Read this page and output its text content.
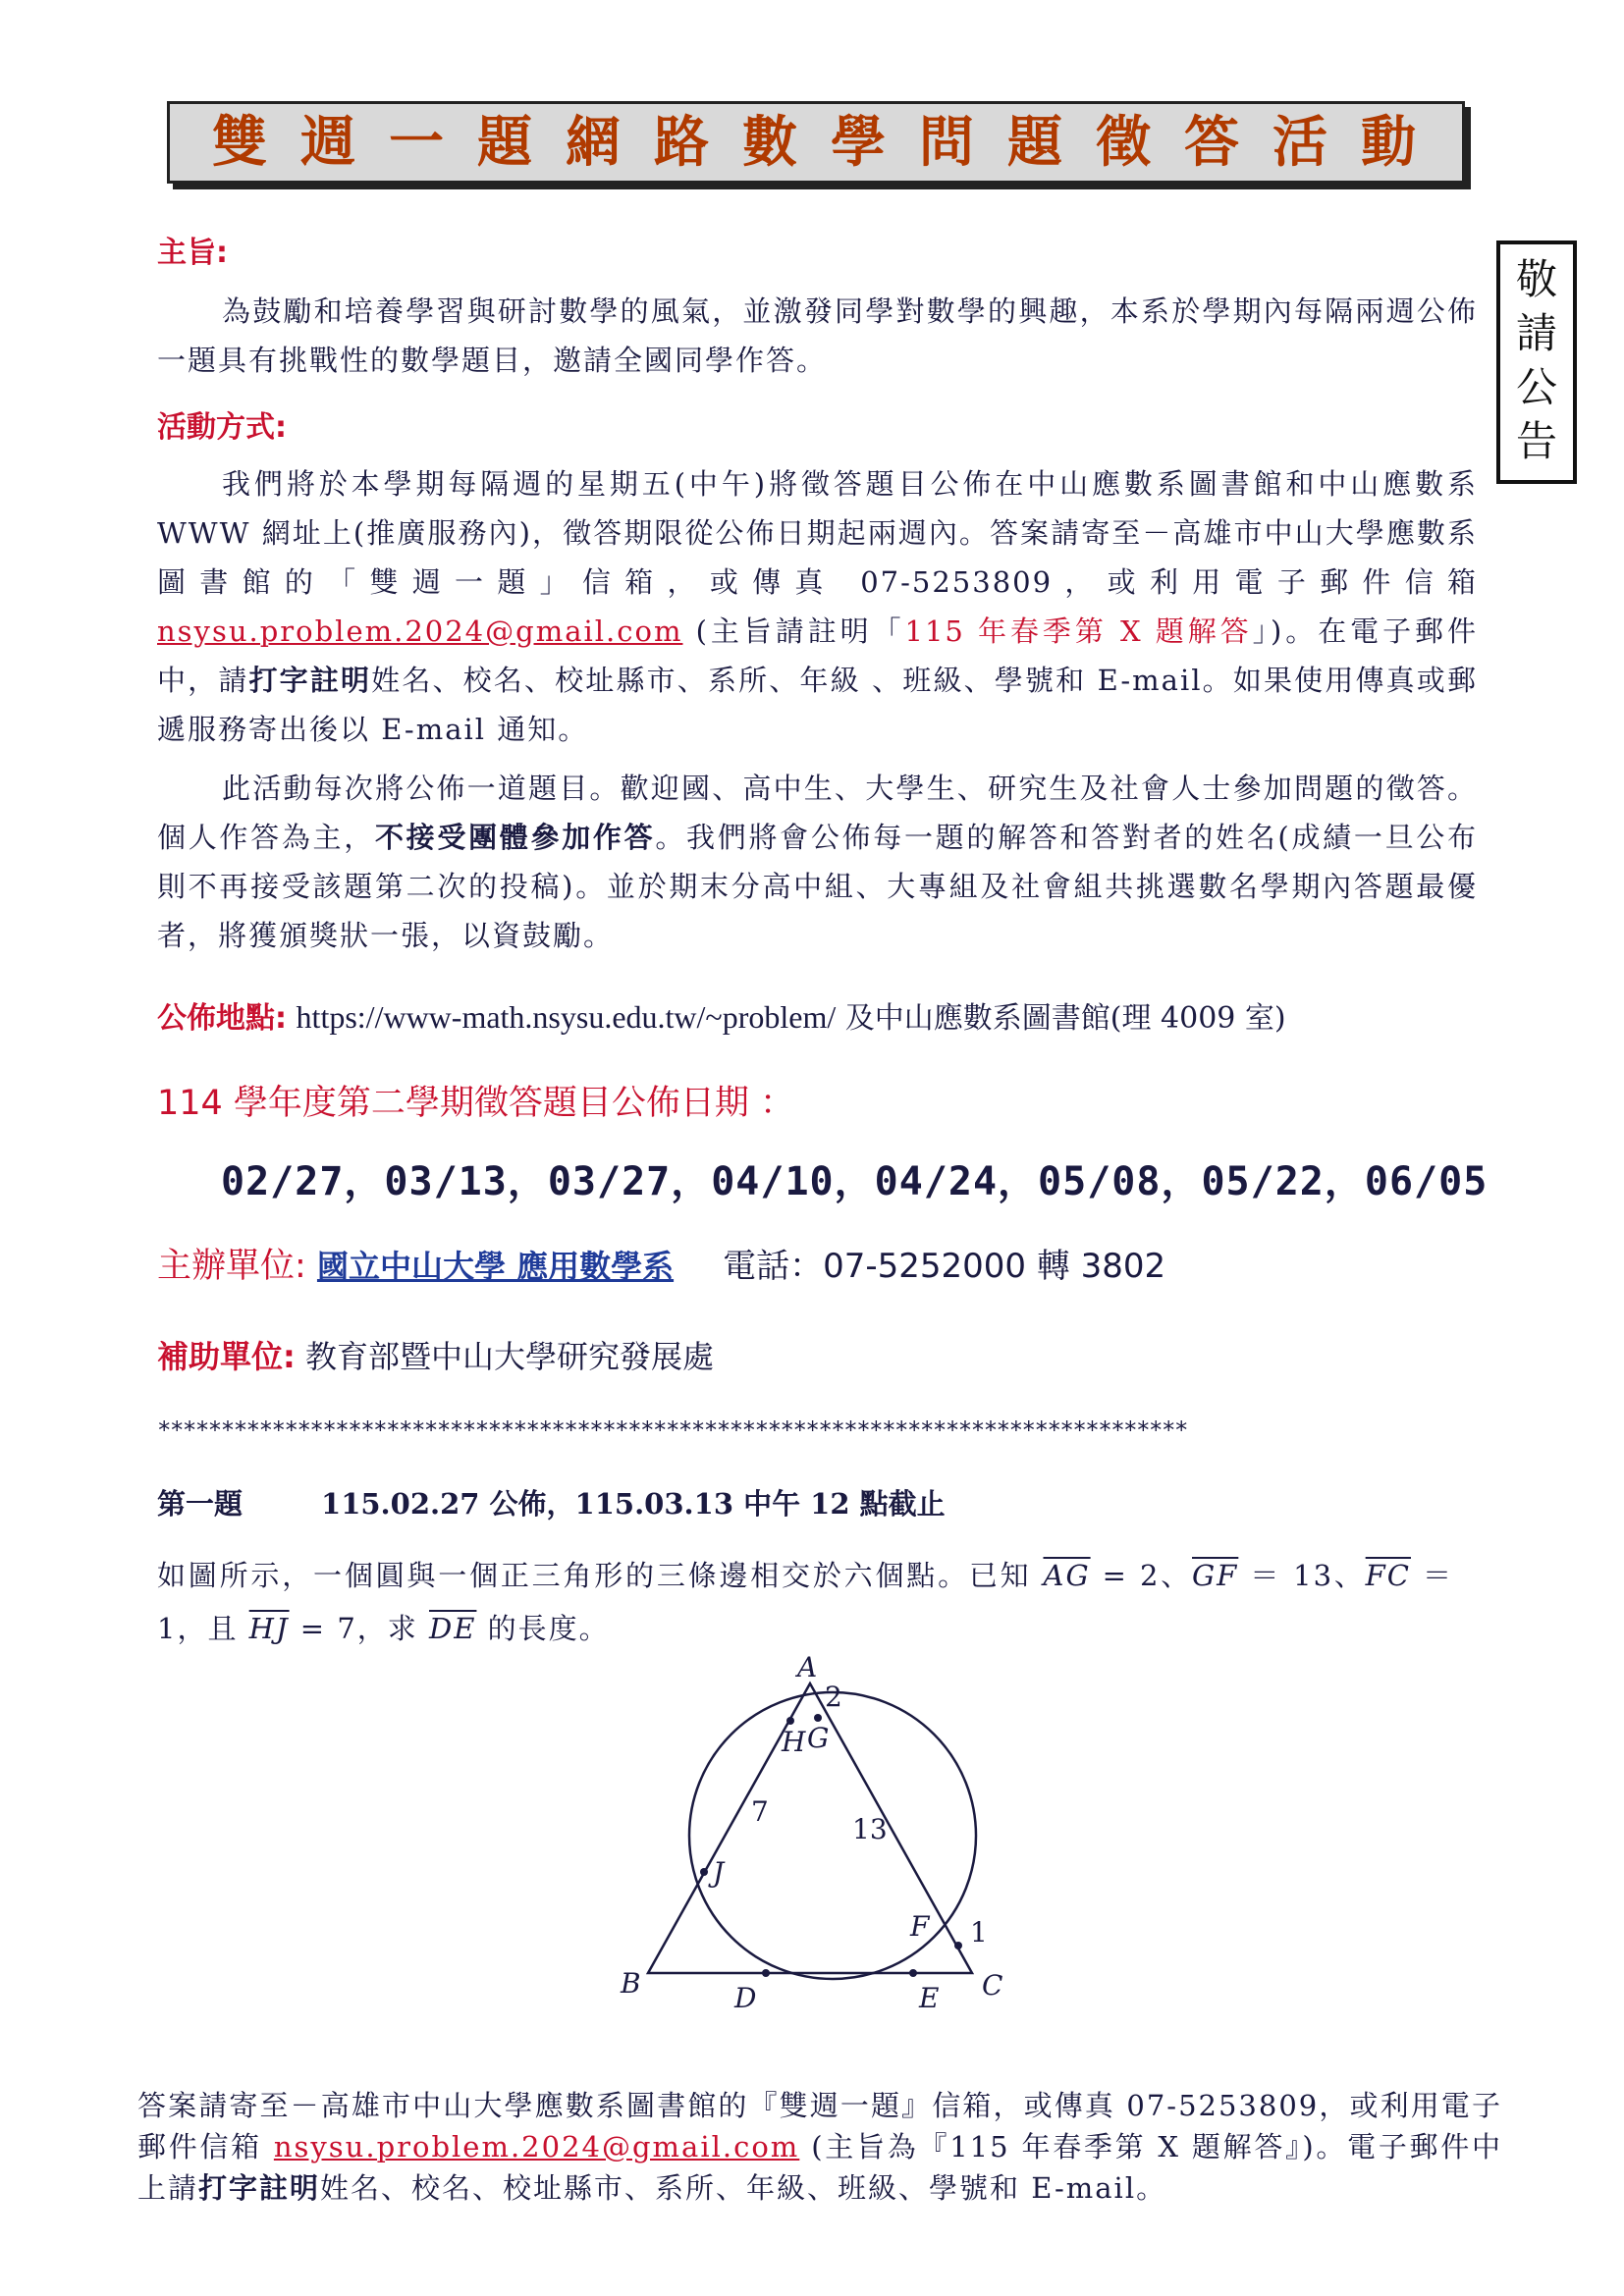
雙週一題網路數學問題徵答活動
敬
請
公
告
主旨:
為鼓勵和培養學習與研討數學的風氣，並激發同學對數學的興趣，本系於學期內每隔兩週公佈一題具有挑戰性的數學題目，邀請全國同學作答。
活動方式:
我們將於本學期每隔週的星期五(中午)將徵答題目公佈在中山應數系圖書館和中山應數系 WWW 網址上(推廣服務內)，徵答期限從公佈日期起兩週內。答案請寄至－高雄市中山大學應數系圖書館的「雙週一題」信箱，或傳真 07-5253809，或利用電子郵件信箱 nsysu.problem.2024@gmail.com (主旨請註明「115 年春季第 X 題解答」)。在電子郵件中，請打字註明姓名、校名、校址縣市、系所、年級 、班級、學號和 E-mail。如果使用傳真或郵遞服務寄出後以 E-mail 通知。
此活動每次將公佈一道題目。歡迎國、高中生、大學生、研究生及社會人士參加問題的徵答。個人作答為主，不接受團體參加作答。我們將會公佈每一題的解答和答對者的姓名(成績一旦公布則不再接受該題第二次的投稿)。並於期末分高中組、大專組及社會組共挑選數名學期內答題最優者，將獲頒獎狀一張，以資鼓勵。
公佈地點: https://www-math.nsysu.edu.tw/~problem/ 及中山應數系圖書館(理 4009 室)
114 學年度第二學期徵答題目公佈日期 ：
02/27，03/13，03/27，04/10，04/24，05/08，05/22，06/05
主辦單位: 國立中山大學 應用數學系 電話：07-5252000 轉 3802
補助單位: 教育部暨中山大學研究發展處
*********************************************************************************
第一題	115.02.27 公佈，115.03.13 中午 12 點截止
如圖所示，一個圓與一個正三角形的三條邊相交於六個點。已知 $\overline{AG} = 2$、$\overline{GF} = 13$、$\overline{FC} = 1$，且 $\overline{HJ} = 7$，求 $\overline{DE}$ 的長度。
A
B	C
D	E
F
G
H
J
2
13
1
7
答案請寄至－高雄市中山大學應數系圖書館的『雙週一題』信箱，或傳真 07-5253809，或利用電子郵件信箱 nsysu.problem.2024@gmail.com (主旨為『115 年春季第 X 題解答』)。電子郵件中上請打字註明姓名、校名、校址縣市、系所、年級、班級、學號和 E-mail。
